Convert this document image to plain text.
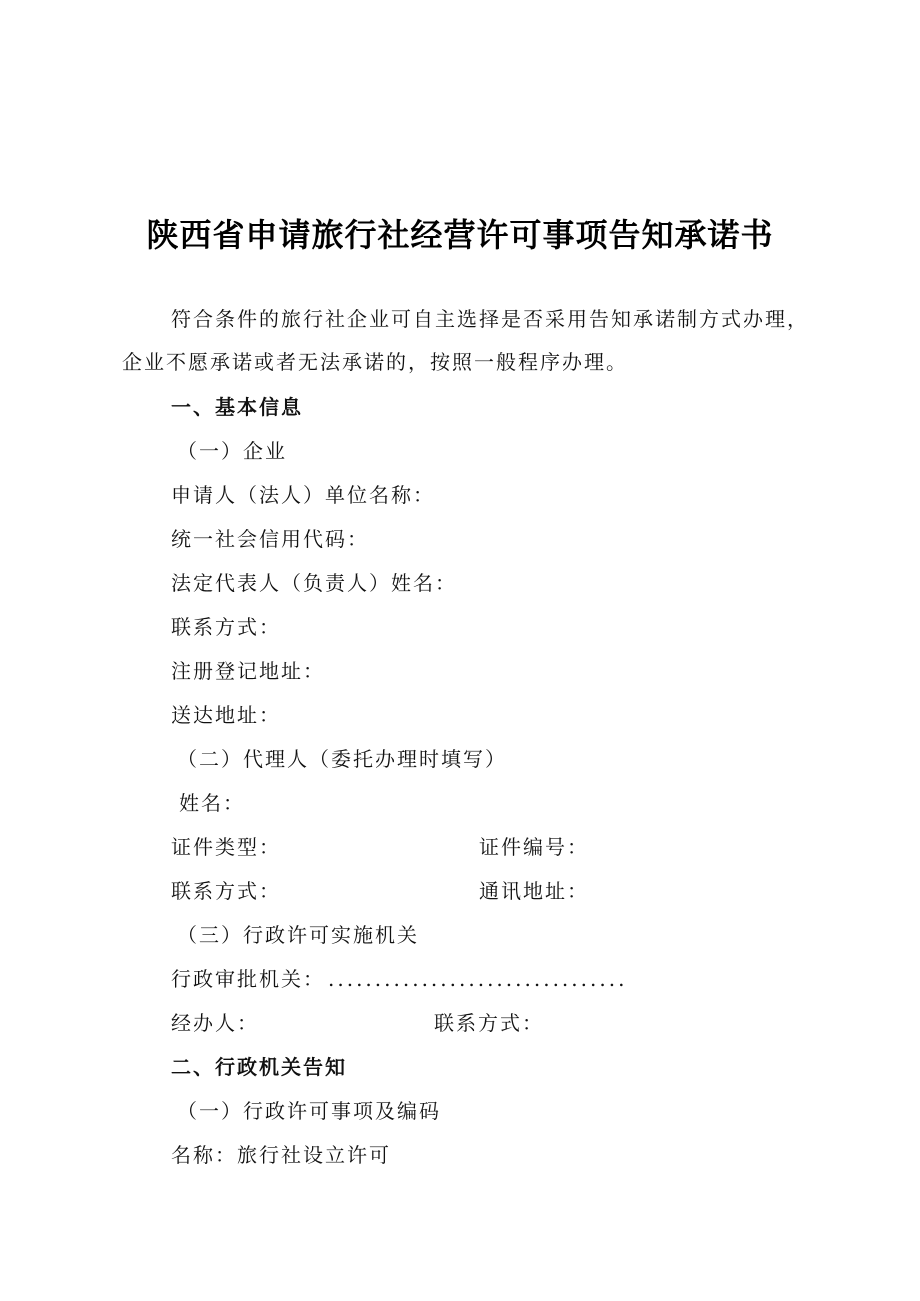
陕西省申请旅行社经营许可事项告知承诺书
符合条件的旅行社企业可自主选择是否采用告知承诺制方式办理，
企业不愿承诺或者无法承诺的，按照一般程序办理。
一、基本信息
（一）企业
申请人（法人）单位名称：
统一社会信用代码：
法定代表人（负责人）姓名：
联系方式：
注册登记地址：
送达地址：
（二）代理人（委托办理时填写）
姓名：
证件类型：	证件编号：
联系方式：	通讯地址：
（三）行政许可实施机关
行政审批机关： ................................
经办人：	联系方式：
二、行政机关告知
（一）行政许可事项及编码
名称：旅行社设立许可
